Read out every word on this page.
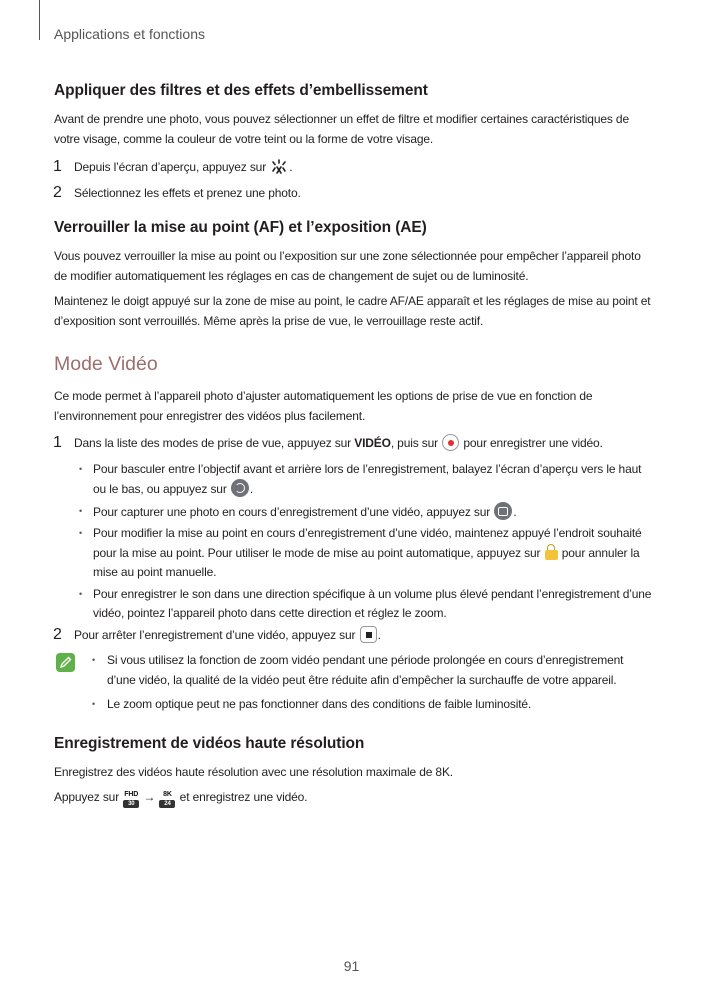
Applications et fonctions
Appliquer des filtres et des effets d’embellissement

Avant de prendre une photo, vous pouvez sélectionner un effet de filtre et modifier certaines caractéristiques de votre visage, comme la couleur de votre teint ou la forme de votre visage.

1 Depuis l’écran d’aperçu, appuyez sur .
2 Sélectionnez les effets et prenez une photo.
Verrouiller la mise au point (AF) et l’exposition (AE)

Vous pouvez verrouiller la mise au point ou l’exposition sur une zone sélectionnée pour empêcher l’appareil photo de modifier automatiquement les réglages en cas de changement de sujet ou de luminosité.

Maintenez le doigt appuyé sur la zone de mise au point, le cadre AF/AE apparaît et les réglages de mise au point et d’exposition sont verrouillés. Même après la prise de vue, le verrouillage reste actif.

Mode Vidéo

Ce mode permet à l’appareil photo d’ajuster automatiquement les options de prise de vue en fonction de l’environnement pour enregistrer des vidéos plus facilement.

1 Dans la liste des modes de prise de vue, appuyez sur VIDÉO, puis sur pour enregistrer une vidéo.
• Pour basculer entre l’objectif avant et arrière lors de l’enregistrement, balayez l’écran d’aperçu vers le haut ou le bas, ou appuyez sur .
• Pour capturer une photo en cours d’enregistrement d’une vidéo, appuyez sur .
• Pour modifier la mise au point en cours d’enregistrement d’une vidéo, maintenez appuyé l’endroit souhaité pour la mise au point. Pour utiliser le mode de mise au point automatique, appuyez sur pour annuler la mise au point manuelle.
• Pour enregistrer le son dans une direction spécifique à un volume plus élevé pendant l’enregistrement d’une vidéo, pointez l’appareil photo dans cette direction et réglez le zoom.
2 Pour arrêter l’enregistrement d’une vidéo, appuyez sur .
• Si vous utilisez la fonction de zoom vidéo pendant une période prolongée en cours d’enregistrement d’une vidéo, la qualité de la vidéo peut être réduite afin d’empêcher la surchauffe de votre appareil.
• Le zoom optique peut ne pas fonctionner dans des conditions de faible luminosité.
Enregistrement de vidéos haute résolution

Enregistrez des vidéos haute résolution avec une résolution maximale de 8K.

Appuyez sur FHD
30 →	8K
24 et enregistrez une vidéo.

91
